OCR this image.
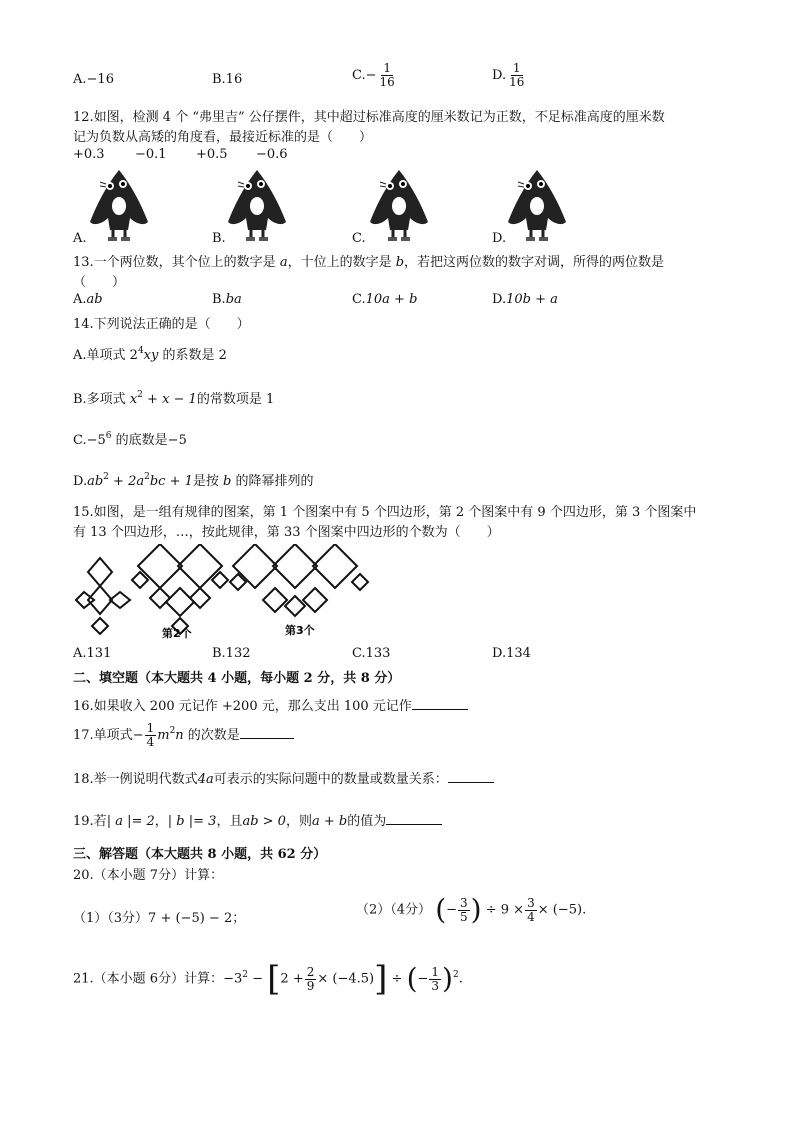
A.−16	B.16	$C.- \frac{1}{16}$	D. $\frac{1}{16}$
12.如图，检测 4 个 “弗里吉” 公仔摆件，其中超过标准高度的厘米数记为正数，不足标准高度的厘米数
记为负数从高矮的角度看，最接近标准的是（　　）
+0.3 −0.1 +0.5 −0.6
A.	B.	C.	D.
13.一个两位数，其个位上的数字是 a，十位上的数字是 b，若把这两位数的数字对调，所得的两位数是
（　　）
A.ab	B.ba	C.10a + b	D.10b + a
14.下列说法正确的是（　　）
A.单项式 $2^4xy$ 的系数是 2
B.多项式 $x^2 + x - 1$的常数项是 1
$C.-5^6$ 的底数是−5
$D.ab^2 + 2a^2bc + 1$是按 b 的降幂排列的
15.如图，是一组有规律的图案，第 1 个图案中有 5 个四边形，第 2 个图案中有 9 个四边形，第 3 个图案中
有 13 个四边形，…，按此规律，第 33 个图案中四边形的个数为（　　）
第2个	第3个
A.131	B.132	C.133	D.134
二、填空题（本大题共 4 小题，每小题 2 分，共 8 分）
16.如果收入 200 元记作 +200 元，那么支出 100 元记作
17.单项式− $\frac{1}{4} m^2n$ 的次数是
18.举一例说明代数式4a可表示的实际问题中的数量或数量关系：
19.若| a |= 2，| b |= 3，且ab > 0，则a + b的值为
三、解答题（本大题共 8 小题，共 62 分）
20.（本小题 7分）计算：
（1）（3分）7 + (−5) − 2；
（2）（4分） (− $\frac{3}{5}$ ) ÷ $9 \times \frac{3}{4} \times (-5)$.
21.（本小题 6分）计算：$-3^2 - [2 + \frac{2}{9} \times (-4.5)]$ ÷ (− $\frac{1}{3} )^2$.
